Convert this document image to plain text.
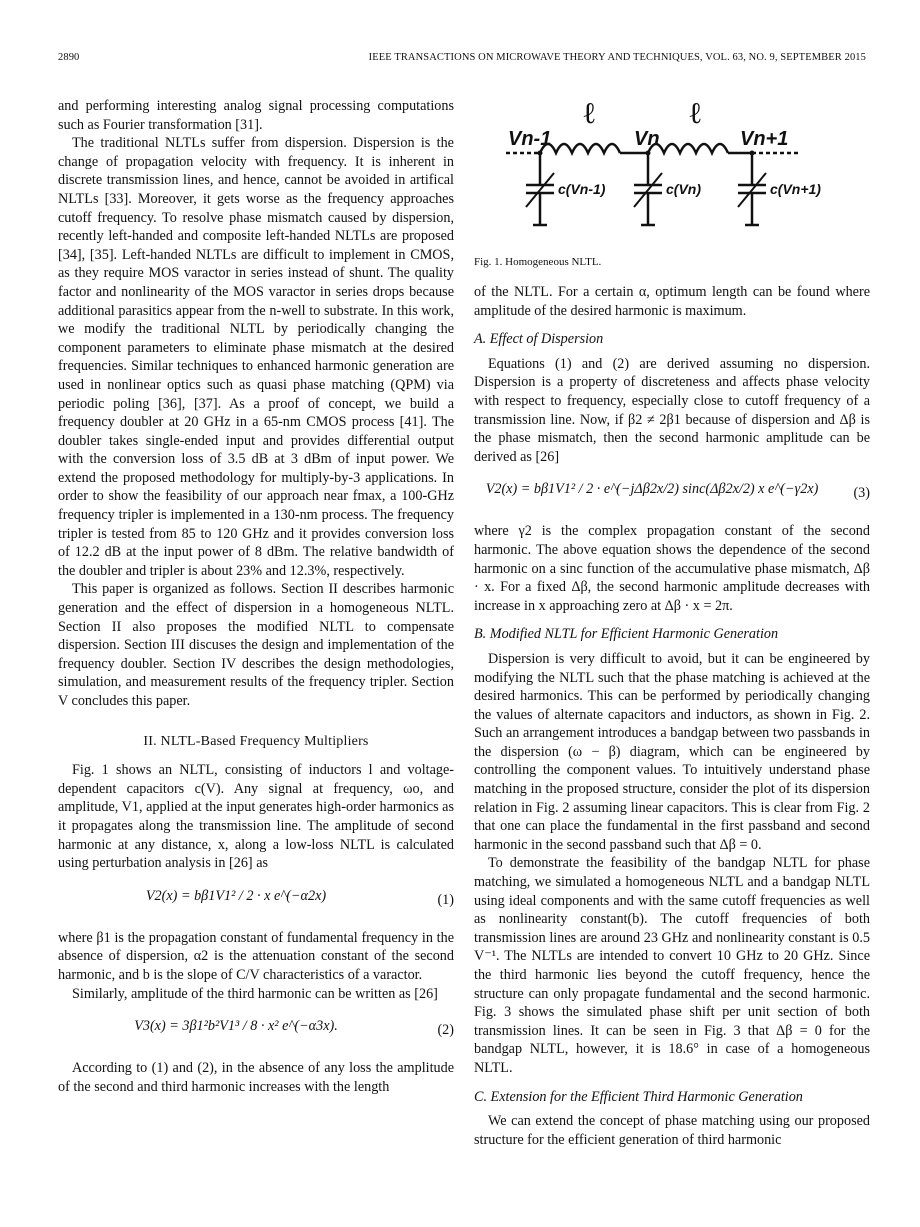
2890	IEEE TRANSACTIONS ON MICROWAVE THEORY AND TECHNIQUES, VOL. 63, NO. 9, SEPTEMBER 2015

and performing interesting analog signal processing computations such as Fourier transformation [31].

The traditional NLTLs suffer from dispersion. Dispersion is the change of propagation velocity with frequency. It is inherent in discrete transmission lines, and hence, cannot be avoided in artifical NLTLs [33]. Moreover, it gets worse as the frequency approaches cutoff frequency. To resolve phase mismatch caused by dispersion, recently left-handed and composite left-handed NLTLs are proposed [34], [35]. Left-handed NLTLs are difficult to implement in CMOS, as they require MOS varactor in series instead of shunt. The quality factor and nonlinearity of the MOS varactor in series drops because additional parasitics appear from the n-well to substrate. In this work, we modify the traditional NLTL by periodically changing the component parameters to eliminate phase mismatch at the desired frequencies. Similar techniques to enhanced harmonic generation are used in nonlinear optics such as quasi phase matching (QPM) via periodic poling [36], [37]. As a proof of concept, we build a frequency doubler at 20 GHz in a 65-nm CMOS process [41]. The doubler takes single-ended input and provides differential output with the conversion loss of 3.5 dB at 3 dBm of input power. We extend the proposed methodology for multiply-by-3 applications. In order to show the feasibility of our approach near fmax, a 100-GHz frequency tripler is implemented in a 130-nm process. The frequency tripler is tested from 85 to 120 GHz and it provides conversion loss of 12.2 dB at the input power of 8 dBm. The relative bandwidth of the doubler and tripler is about 23% and 12.3%, respectively.

This paper is organized as follows. Section II describes harmonic generation and the effect of dispersion in a homogeneous NLTL. Section II also proposes the modified NLTL to compensate dispersion. Section III discuses the design and implementation of the frequency doubler. Section IV describes the design methodologies, simulation, and measurement results of the frequency tripler. Section V concludes this paper.

II. NLTL-Based Frequency Multipliers

Fig. 1 shows an NLTL, consisting of inductors l and voltage-dependent capacitors c(V). Any signal at frequency, ωo, and amplitude, V1, applied at the input generates high-order harmonics as it propagates along the transmission line. The amplitude of second harmonic at any distance, x, along a low-loss NLTL is calculated using perturbation analysis in [26] as

V2(x) = bβ1V1² / 2 · x e^(−α2x)	(1)

where β1 is the propagation constant of fundamental frequency in the absence of dispersion, α2 is the attenuation constant of the second harmonic, and b is the slope of C/V characteristics of a varactor.

Similarly, amplitude of the third harmonic can be written as [26]

V3(x) = 3β1²b²V1³ / 8 · x² e^(−α3x).	(2)

According to (1) and (2), in the absence of any loss the amplitude of the second and third harmonic increases with the length

ℓ	ℓ
Vn-1	Vn	Vn+1
c(Vn-1)	c(Vn)	c(Vn+1)
Fig. 1. Homogeneous NLTL.

of the NLTL. For a certain α, optimum length can be found where amplitude of the desired harmonic is maximum.

A. Effect of Dispersion

Equations (1) and (2) are derived assuming no dispersion. Dispersion is a property of discreteness and affects phase velocity with respect to frequency, especially close to cutoff frequency of a transmission line. Now, if β2 ≠ 2β1 because of dispersion and Δβ is the phase mismatch, then the second harmonic amplitude can be derived as [26]

V2(x) = bβ1V1² / 2 · e^(−jΔβ2x/2) sinc(Δβ2x/2) x e^(−γ2x)	(3)

where γ2 is the complex propagation constant of the second harmonic. The above equation shows the dependence of the second harmonic on a sinc function of the accumulative phase mismatch, Δβ · x. For a fixed Δβ, the second harmonic amplitude decreases with increase in x approaching zero at Δβ · x = 2π.

B. Modified NLTL for Efficient Harmonic Generation

Dispersion is very difficult to avoid, but it can be engineered by modifying the NLTL such that the phase matching is achieved at the desired harmonics. This can be performed by periodically changing the values of alternate capacitors and inductors, as shown in Fig. 2. Such an arrangement introduces a bandgap between two passbands in the dispersion (ω − β) diagram, which can be engineered by controlling the component values. To intuitively understand phase matching in the proposed structure, consider the plot of its dispersion relation in Fig. 2 assuming linear capacitors. This is clear from Fig. 2 that one can place the fundamental in the first passband and second harmonic in the second passband such that Δβ = 0.

To demonstrate the feasibility of the bandgap NLTL for phase matching, we simulated a homogeneous NLTL and a bandgap NLTL using ideal components and with the same cutoff frequencies as well as nonlinearity constant(b). The cutoff frequencies of both transmission lines are around 23 GHz and nonlinearity constant is 0.5 V⁻¹. The NLTLs are intended to convert 10 GHz to 20 GHz. Since the third harmonic lies beyond the cutoff frequency, hence the structure can only propagate fundamental and the second harmonic. Fig. 3 shows the simulated phase shift per unit section of both transmission lines. It can be seen in Fig. 3 that Δβ = 0 for the bandgap NLTL, however, it is 18.6° in case of a homogeneous NLTL.

C. Extension for the Efficient Third Harmonic Generation

We can extend the concept of phase matching using our proposed structure for the efficient generation of third harmonic
